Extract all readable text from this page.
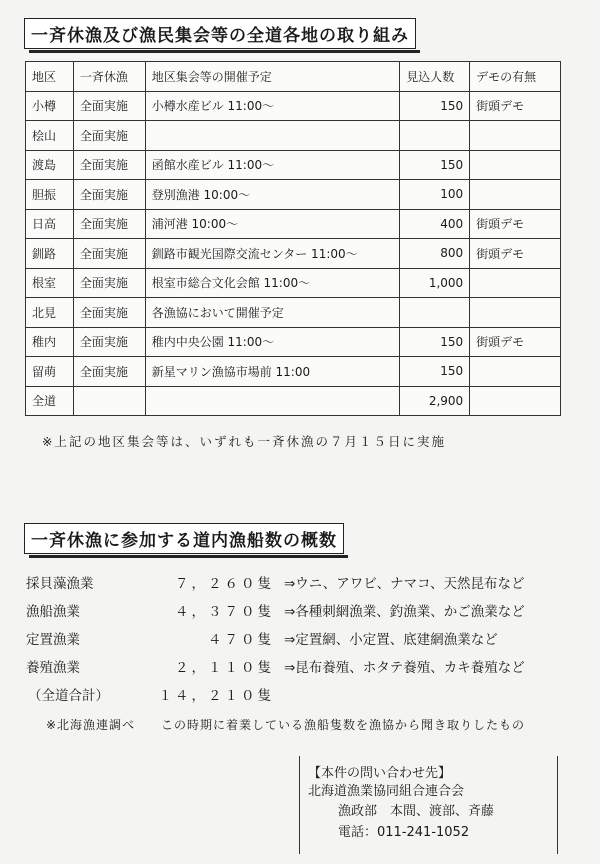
一斉休漁及び漁民集会等の全道各地の取り組み
地区	一斉休漁	地区集会等の開催予定	見込人数	デモの有無
小樽	全面実施	小樽水産ビル 11:00～	150	街頭デモ
桧山	全面実施			
渡島	全面実施	函館水産ビル 11:00～	150	
胆振	全面実施	登別漁港 10:00～	100	
日高	全面実施	浦河港 10:00～	400	街頭デモ
釧路	全面実施	釧路市観光国際交流センター 11:00～	800	街頭デモ
根室	全面実施	根室市総合文化会館 11:00～	1,000	
北見	全面実施	各漁協において開催予定		
稚内	全面実施	稚内中央公園 11:00～	150	街頭デモ
留萌	全面実施	新星マリン漁協市場前 11:00	150	
全道			2,900	
※上記の地区集会等は、いずれも一斉休漁の７月１５日に実施
一斉休漁に参加する道内漁船数の概数
採貝藻漁業	７，２６０隻 ⇒ウニ、アワビ、ナマコ、天然昆布など
漁船漁業	４，３７０隻 ⇒各種刺網漁業、釣漁業、かご漁業など
定置漁業	４７０隻 ⇒定置網、小定置、底建網漁業など
養殖漁業	２，１１０隻 ⇒昆布養殖、ホタテ養殖、カキ養殖など
（全道合計）	１４，２１０隻
※北海漁連調べ　　この時期に着業している漁船隻数を漁協から聞き取りしたもの
【本件の問い合わせ先】
北海道漁業協同組合連合会
漁政部　本間、渡部、斉藤
電話：011-241-1052
